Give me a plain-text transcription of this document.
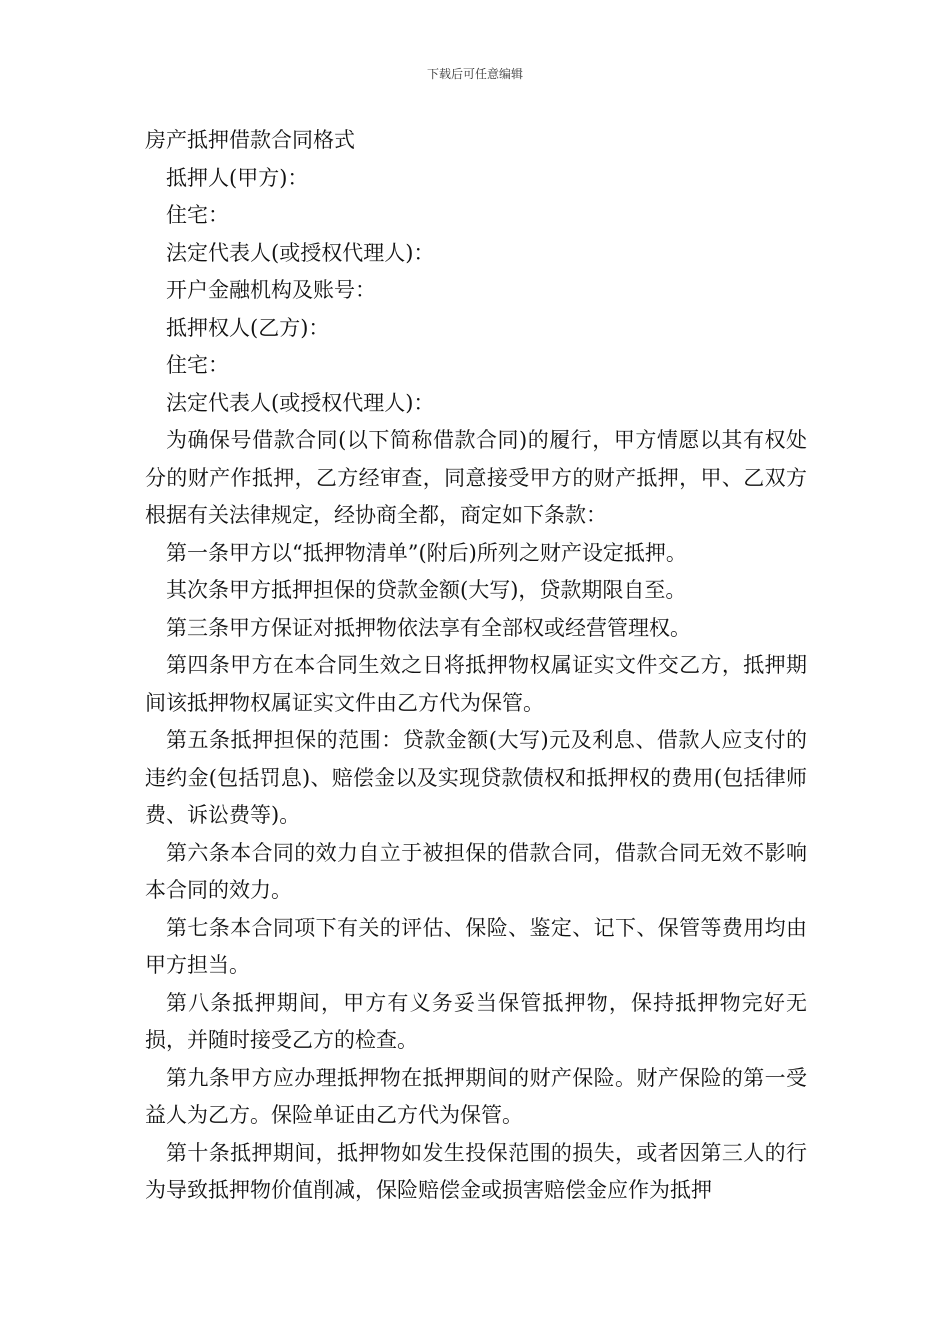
下载后可任意编辑

房产抵押借款合同格式

抵押人(甲方)：

住宅：

法定代表人(或授权代理人)：

开户金融机构及账号：

抵押权人(乙方)：

住宅：

法定代表人(或授权代理人)：

为确保号借款合同(以下简称借款合同)的履行，甲方情愿以其有权处分的财产作抵押，乙方经审查，同意接受甲方的财产抵押，甲、乙双方根据有关法律规定，经协商全都，商定如下条款：

第一条甲方以“抵押物清单”(附后)所列之财产设定抵押。

其次条甲方抵押担保的贷款金额(大写)，贷款期限自至。

第三条甲方保证对抵押物依法享有全部权或经营管理权。

第四条甲方在本合同生效之日将抵押物权属证实文件交乙方，抵押期间该抵押物权属证实文件由乙方代为保管。

第五条抵押担保的范围：贷款金额(大写)元及利息、借款人应支付的违约金(包括罚息)、赔偿金以及实现贷款债权和抵押权的费用(包括律师费、诉讼费等)。

第六条本合同的效力自立于被担保的借款合同，借款合同无效不影响本合同的效力。

第七条本合同项下有关的评估、保险、鉴定、记下、保管等费用均由甲方担当。

第八条抵押期间，甲方有义务妥当保管抵押物，保持抵押物完好无损，并随时接受乙方的检查。

第九条甲方应办理抵押物在抵押期间的财产保险。财产保险的第一受益人为乙方。保险单证由乙方代为保管。

第十条抵押期间，抵押物如发生投保范围的损失，或者因第三人的行为导致抵押物价值削减，保险赔偿金或损害赔偿金应作为抵押
